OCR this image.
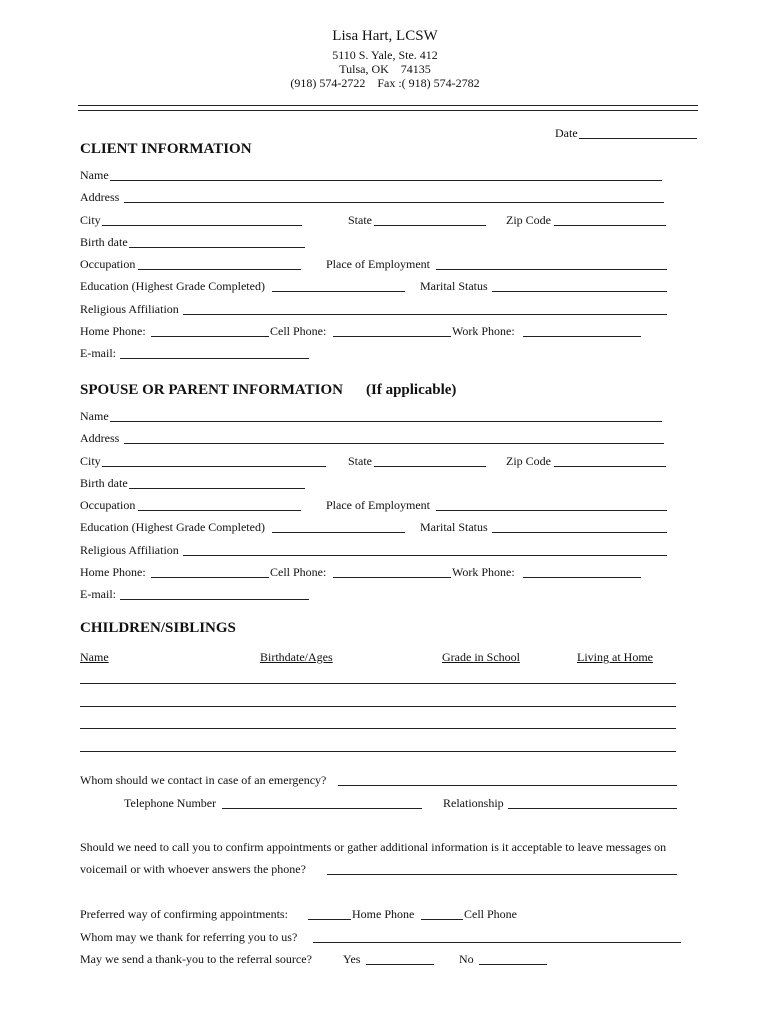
Lisa Hart, LCSW
5110 S. Yale, Ste. 412
Tulsa, OK    74135
(918) 574-2722    Fax :( 918) 574-2782
Date
CLIENT INFORMATION
Name
Address
City	State	Zip Code
Birth date
Occupation	Place of Employment
Education (Highest Grade Completed)	Marital Status
Religious Affiliation
Home Phone:	Cell Phone:	Work Phone:
E-mail:
SPOUSE OR PARENT INFORMATION (If applicable)
Name
Address
City	State	Zip Code
Birth date
Occupation	Place of Employment
Education (Highest Grade Completed)	Marital Status
Religious Affiliation
Home Phone:	Cell Phone:	Work Phone:
E-mail:
CHILDREN/SIBLINGS
Name	Birthdate/Ages	Grade in School	Living at Home
Whom should we contact in case of an emergency?
Telephone Number	Relationship
Should we need to call you to confirm appointments or gather additional information is it acceptable to leave messages on
voicemail or with whoever answers the phone?
Preferred way of confirming appointments:	Home Phone	Cell Phone
Whom may we thank for referring you to us?
May we send a thank-you to the referral source?	Yes	No
